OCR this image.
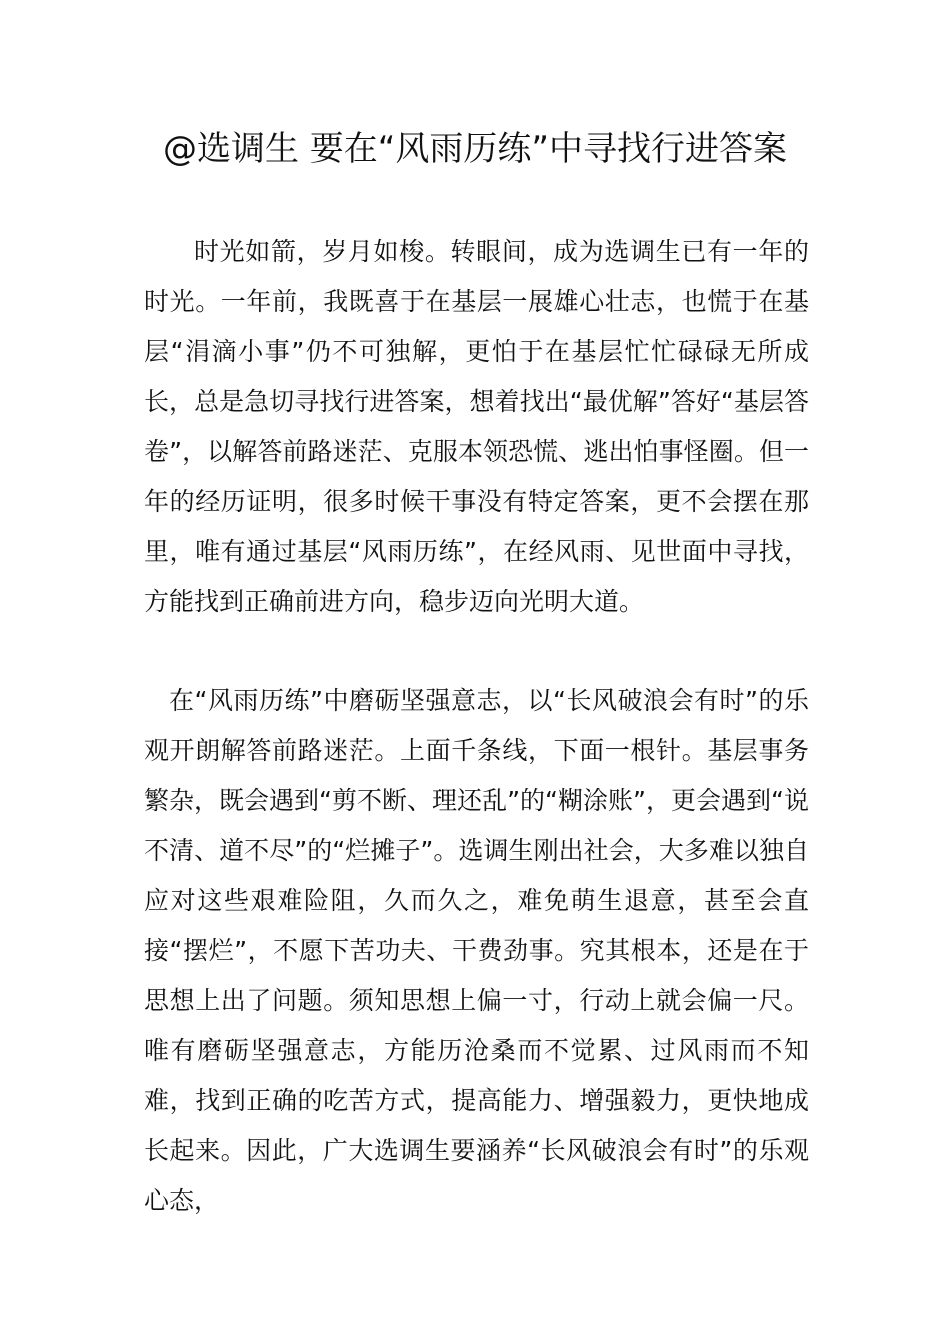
@选调生 要在“风雨历练”中寻找行进答案

时光如箭，岁月如梭。转眼间，成为选调生已有一年的时光。一年前，我既喜于在基层一展雄心壮志，也慌于在基层“涓滴小事”仍不可独解，更怕于在基层忙忙碌碌无所成长，总是急切寻找行进答案，想着找出“最优解”答好“基层答卷”，以解答前路迷茫、克服本领恐慌、逃出怕事怪圈。但一年的经历证明，很多时候干事没有特定答案，更不会摆在那里，唯有通过基层“风雨历练”，在经风雨、见世面中寻找，方能找到正确前进方向，稳步迈向光明大道。

在“风雨历练”中磨砺坚强意志，以“长风破浪会有时”的乐观开朗解答前路迷茫。上面千条线，下面一根针。基层事务繁杂，既会遇到“剪不断、理还乱”的“糊涂账”，更会遇到“说不清、道不尽”的“烂摊子”。选调生刚出社会，大多难以独自应对这些艰难险阻，久而久之，难免萌生退意，甚至会直接“摆烂”，不愿下苦功夫、干费劲事。究其根本，还是在于思想上出了问题。须知思想上偏一寸，行动上就会偏一尺。唯有磨砺坚强意志，方能历沧桑而不觉累、过风雨而不知难，找到正确的吃苦方式，提高能力、增强毅力，更快地成长起来。因此，广大选调生要涵养“长风破浪会有时”的乐观心态，
